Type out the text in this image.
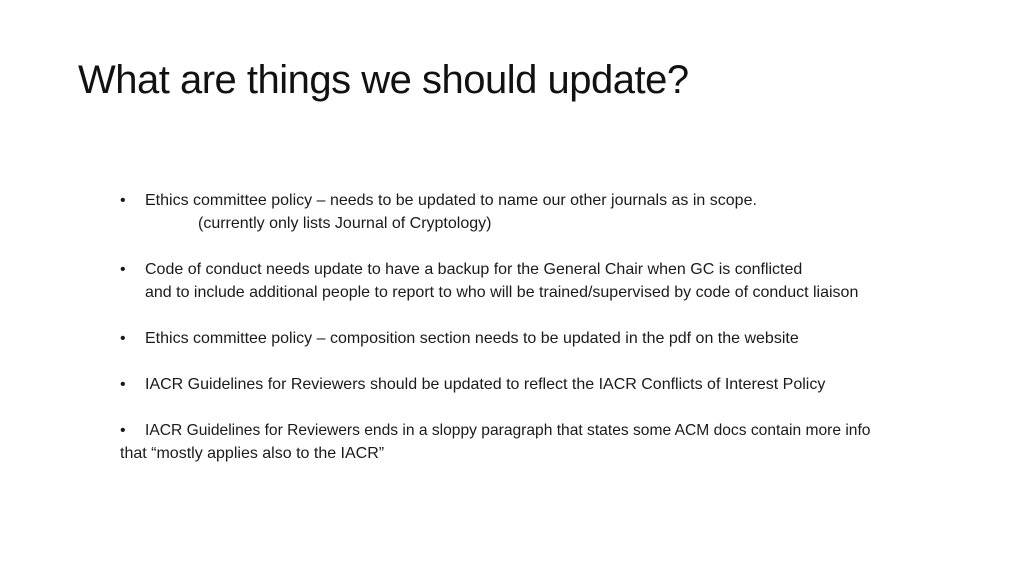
What are things we should update?
• Ethics committee policy – needs to be updated to name our other journals as in scope.
(currently only lists Journal of Cryptology)
• Code of conduct needs update to have a backup for the General Chair when GC is conflicted
and to include additional people to report to who will be trained/supervised by code of conduct liaison
• Ethics committee policy – composition section needs to be updated in the pdf on the website
• IACR Guidelines for Reviewers should be updated to reflect the IACR Conflicts of Interest Policy
• IACR Guidelines for Reviewers ends in a sloppy paragraph that states some ACM docs contain more info
that “mostly applies also to the IACR”
